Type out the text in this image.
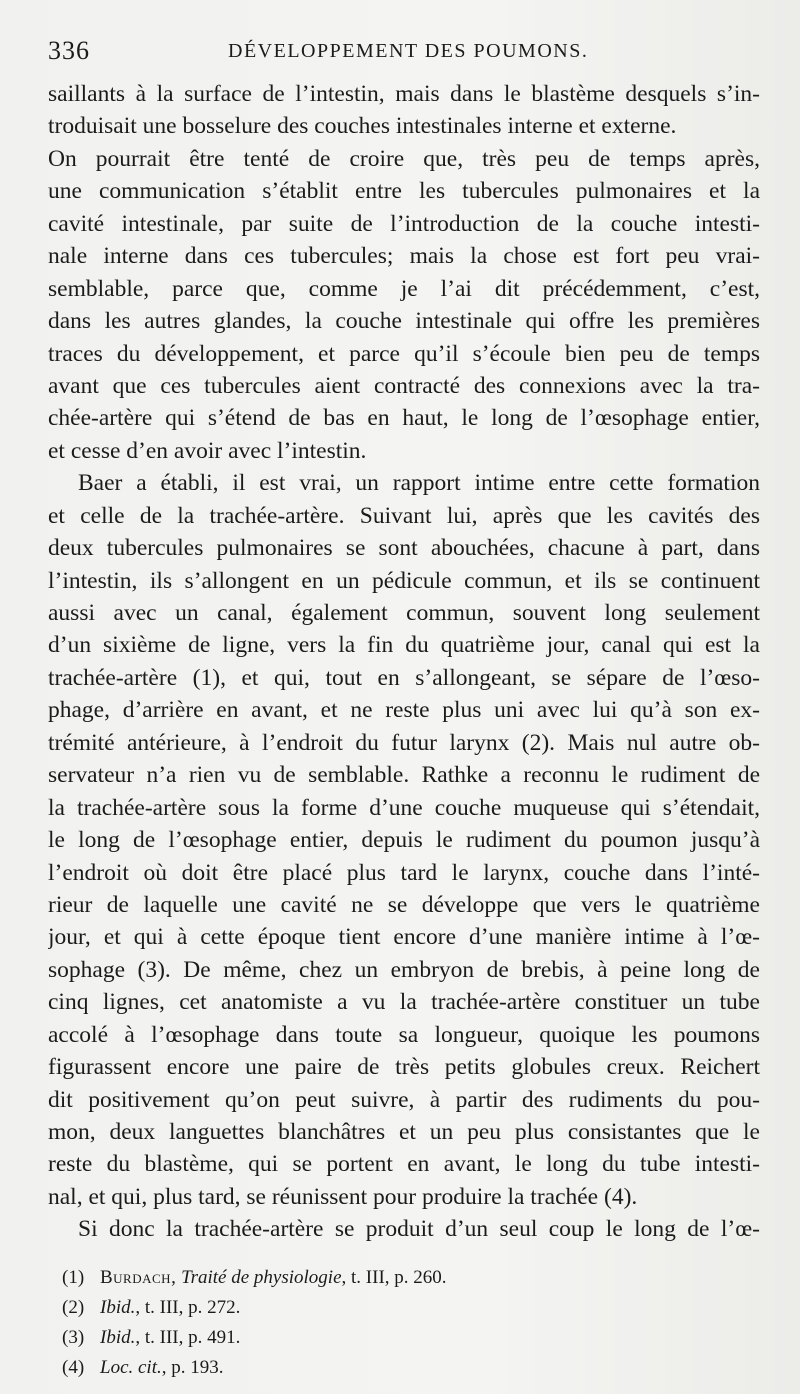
336	DÉVELOPPEMENT DES POUMONS.
saillants à la surface de l’intestin, mais dans le blastème desquels s’in-
troduisait une bosselure des couches intestinales interne et externe.
On pourrait être tenté de croire que, très peu de temps après,
une communication s’établit entre les tubercules pulmonaires et la
cavité intestinale, par suite de l’introduction de la couche intesti-
nale interne dans ces tubercules; mais la chose est fort peu vrai-
semblable, parce que, comme je l’ai dit précédemment, c’est,
dans les autres glandes, la couche intestinale qui offre les premières
traces du développement, et parce qu’il s’écoule bien peu de temps
avant que ces tubercules aient contracté des connexions avec la tra-
chée-artère qui s’étend de bas en haut, le long de l’œsophage entier,
et cesse d’en avoir avec l’intestin.
Baer a établi, il est vrai, un rapport intime entre cette formation
et celle de la trachée-artère. Suivant lui, après que les cavités des
deux tubercules pulmonaires se sont abouchées, chacune à part, dans
l’intestin, ils s’allongent en un pédicule commun, et ils se continuent
aussi avec un canal, également commun, souvent long seulement
d’un sixième de ligne, vers la fin du quatrième jour, canal qui est la
trachée-artère (1), et qui, tout en s’allongeant, se sépare de l’œso-
phage, d’arrière en avant, et ne reste plus uni avec lui qu’à son ex-
trémité antérieure, à l’endroit du futur larynx (2). Mais nul autre ob-
servateur n’a rien vu de semblable. Rathke a reconnu le rudiment de
la trachée-artère sous la forme d’une couche muqueuse qui s’étendait,
le long de l’œsophage entier, depuis le rudiment du poumon jusqu’à
l’endroit où doit être placé plus tard le larynx, couche dans l’inté-
rieur de laquelle une cavité ne se développe que vers le quatrième
jour, et qui à cette époque tient encore d’une manière intime à l’œ-
sophage (3). De même, chez un embryon de brebis, à peine long de
cinq lignes, cet anatomiste a vu la trachée-artère constituer un tube
accolé à l’œsophage dans toute sa longueur, quoique les poumons
figurassent encore une paire de très petits globules creux. Reichert
dit positivement qu’on peut suivre, à partir des rudiments du pou-
mon, deux languettes blanchâtres et un peu plus consistantes que le
reste du blastème, qui se portent en avant, le long du tube intesti-
nal, et qui, plus tard, se réunissent pour produire la trachée (4).
Si donc la trachée-artère se produit d’un seul coup le long de l’œ-
(1) Burdach, Traité de physiologie, t. III, p. 260.
(2) Ibid., t. III, p. 272.
(3) Ibid., t. III, p. 491.
(4) Loc. cit., p. 193.
